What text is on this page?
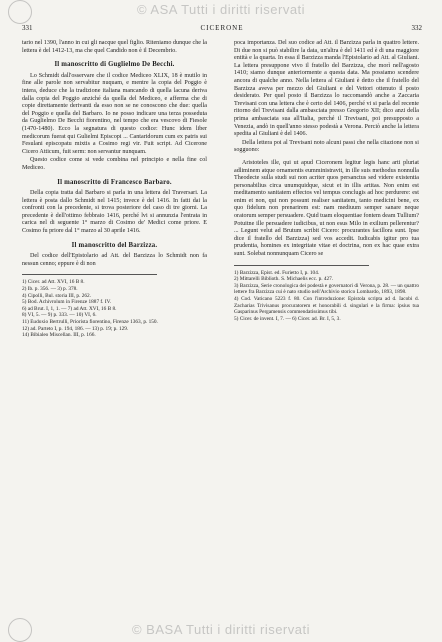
© ASA Tutti i diritti riservati
331	CICERONE	332

tario nel 1390, l'anno in cui gli nacque quel figlio. Riteniamo dunque che la lettera è del 1412-13, ma che quel Candido non è il Decembrio.

Il manoscritto di Guglielmo De Becchi.

Lo Schmidt dall'osservare che il codice Mediceo XLIX, 18 è mutilo in fine alle parole non servabitur nuquam, e mentre la copia del Poggio è intera, deduce che la tradizione italiana mancando di quella lacuna deriva dalla copia del Poggio anziché da quella del Mediceo, e afferma che di copie direttamente derivanti da esso non se ne conoscono che due: quella del Poggio e quella del Barbaro. Io ne posso indicare una terza posseduta da Guglielmo De Becchi fiorentino, nel tempo che era vescovo di Fiesole (1470-1480). Ecco la segnatura di questo codice: Hunc idem liber medicorum fuerat qui Gulielmi Episcopi ... Cantaridorum cum ex patris sui Fesulani episcopatu mixtis a Cosimo regi vir. Fuit script. Ad Cicerone Cicero Atticum, fuit serm: non servantur nunquam.

Questo codice come si vede combina nel principio e nella fine col Mediceo.

Il manoscritto di Francesco Barbaro.

Della copia tratta dal Barbaro si parla in una lettera del Traversari. La lettera è posta dallo Schmidt nel 1415; invece è del 1416. In fatti dai la confronti con la precedente, si trova posteriore del caso di tre giorni. La precedente è dell'ottimo febbraio 1416, perché lvi si annunzia l'entrata in carica nel di seguente 1° marzo di Cosimo de' Medici come priore. E Cosimo fu priore dal 1° marzo al 30 aprile 1416.

Il manoscritto del Barzizza.

Del codice dell'Epistolario ad Att. del Barzizza lo Schmidt non fa nessun cenno; eppure è di non

1) Cicer. ad Att. XVI, 16 B 8.
2) Ib. p. 356. — 3) p. 378.
4) Cipolli, Bul. storia III, p. 262.
5) Bod. Achivrolum in Firenze 1887 f. IV.
6) ad Brut. I, 1, 1. — 7) ad Att. XVI, 16 B 8.
8) VI, 5. — 9) p. 333. — 10) VI, 6.
11) Eudoxio Bertrulli, Priorista fiorentino, Firenze 1363, p. 150.
12) ad. Parteto I, p. 194, 186. — 13) p. 19; p. 129.
14) Bibialeo Miscellan. III, p. 166.

poca importanza. Del suo codice ad Att. il Barzizza parla in quattro lettere. Di due non si può stabilire la data, un'altra è del 1411 ed è di una maggiore entità e la quarta. In essa il Barzizza manda l'Epistolario ad Att. al Giuliani. La lettera presuppone vivo il fratello del Barzizza, che morì nell'agosto 1410; siamo dunque anteriormente a questa data. Ma possiamo scendere ancora di qualche anno. Nella lettera al Giuliani è detto che il fratello del Barzizza aveva per mezzo del Giuliani e del Vettori ottenuto il posto desiderato. Per quel posto il Barzizza lo raccomandò anche a Zaccaria Trevisani con una lettera che è certo del 1406, perché vi si parla del recente ritorno del Trevisani dalla ambasciata presso Gregorio XII; dico anzi della prima ambasciata sua all'Italia, perché il Trevisani, poi presupposto a Venezia, andò in quell'anno stesso podestà a Verona. Perciò anche la lettera spedita al Giuliani è del 1406.

Della lettera poi al Trevisani noto alcuni passi che nella citazione non si sogguono:

Aristoteles ille, qui ut apud Ciceronem legitur legis hanc arti pluriat adliminem atque ornamentis eumministravit, in ille suis methodus nonnulla Theodecte sulla studi sui non acriter quos persanctus sed videre existentia personabilius circa unumquidque, sicut et in illis artitas. Non enim est meditamento sanitatem effectos vel tempus conclugis ad hoc perdurere: est enim et non, qui non possunt realiser sanitatem, tanto medicini bene, ex quo fidelum non prenarirem est: nam mediuum semper sanare neque oratorum semper persuadere. Quid tuam eloquentiae fontem deam Tullium? Potuitne ille persuadere iudicibus, ut non esus Milo in exilium pellerentur? ... Legunt velut ad Brutum scribit Cicero: procurantes facillora sunt. Ipse dice il fratello del Barzizza) sed vos accedit. Iudicabis igitur pro tua prudentia, homines ex integritate vitae et doctrina, non ex hac quae extra sunt. Solebat nonnunquam Cicero se

1) Barzizza, Epist. ed. Furietto I, p. 104.
2) Mittarelli Biblioth. S. Michaelis ecc. p. 427.
3) Barzizza, Serie cronologica dei podestà e governatori di Verona, p. 28. — un quattro lettere fra Barzizza cui è nato studio nell'Archivio storico Lombardo, 1893, 1898.
4) Cod. Vaticano 5223 f. 80. Con l'introduzione: Epistola scripta ad d. Iacobi d. Zacharias Trivisanus procuratorem et honorabili d. singulari e la firma: ipsius tua Gasparinus Pergamensis commendatissimus tibi.
5) Cicer. de invent. I, 7. — 6) Cicer. ad. Br. I, 5, 3.
© BASA Tutti i diritti riservati
